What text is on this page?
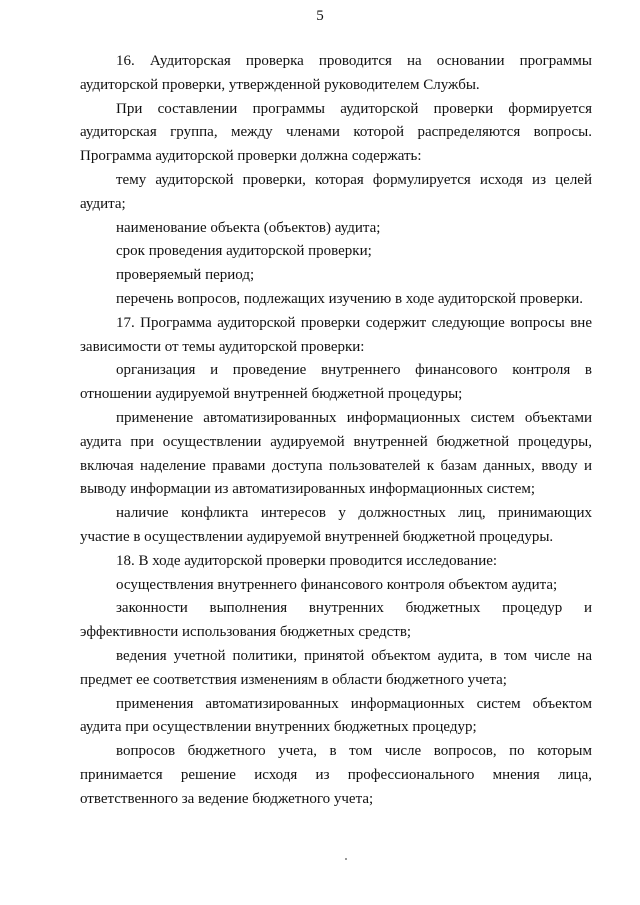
5

16. Аудиторская проверка проводится на основании программы аудиторской проверки, утвержденной руководителем Службы.

При составлении программы аудиторской проверки формируется аудиторская группа, между членами которой распределяются вопросы. Программа аудиторской проверки должна содержать:

тему аудиторской проверки, которая формулируется исходя из целей аудита;

наименование объекта (объектов) аудита;

срок проведения аудиторской проверки;

проверяемый период;

перечень вопросов, подлежащих изучению в ходе аудиторской проверки.

17. Программа аудиторской проверки содержит следующие вопросы вне зависимости от темы аудиторской проверки:

организация и проведение внутреннего финансового контроля в отношении аудируемой внутренней бюджетной процедуры;

применение автоматизированных информационных систем объектами аудита при осуществлении аудируемой внутренней бюджетной процедуры, включая наделение правами доступа пользователей к базам данных, вводу и выводу информации из автоматизированных информационных систем;

наличие конфликта интересов у должностных лиц, принимающих участие в осуществлении аудируемой внутренней бюджетной процедуры.

18. В ходе аудиторской проверки проводится исследование:

осуществления внутреннего финансового контроля объектом аудита;

законности выполнения внутренних бюджетных процедур и эффективности использования бюджетных средств;

ведения учетной политики, принятой объектом аудита, в том числе на предмет ее соответствия изменениям в области бюджетного учета;

применения автоматизированных информационных систем объектом аудита при осуществлении внутренних бюджетных процедур;

вопросов бюджетного учета, в том числе вопросов, по которым принимается решение исходя из профессионального мнения лица, ответственного за ведение бюджетного учета;
